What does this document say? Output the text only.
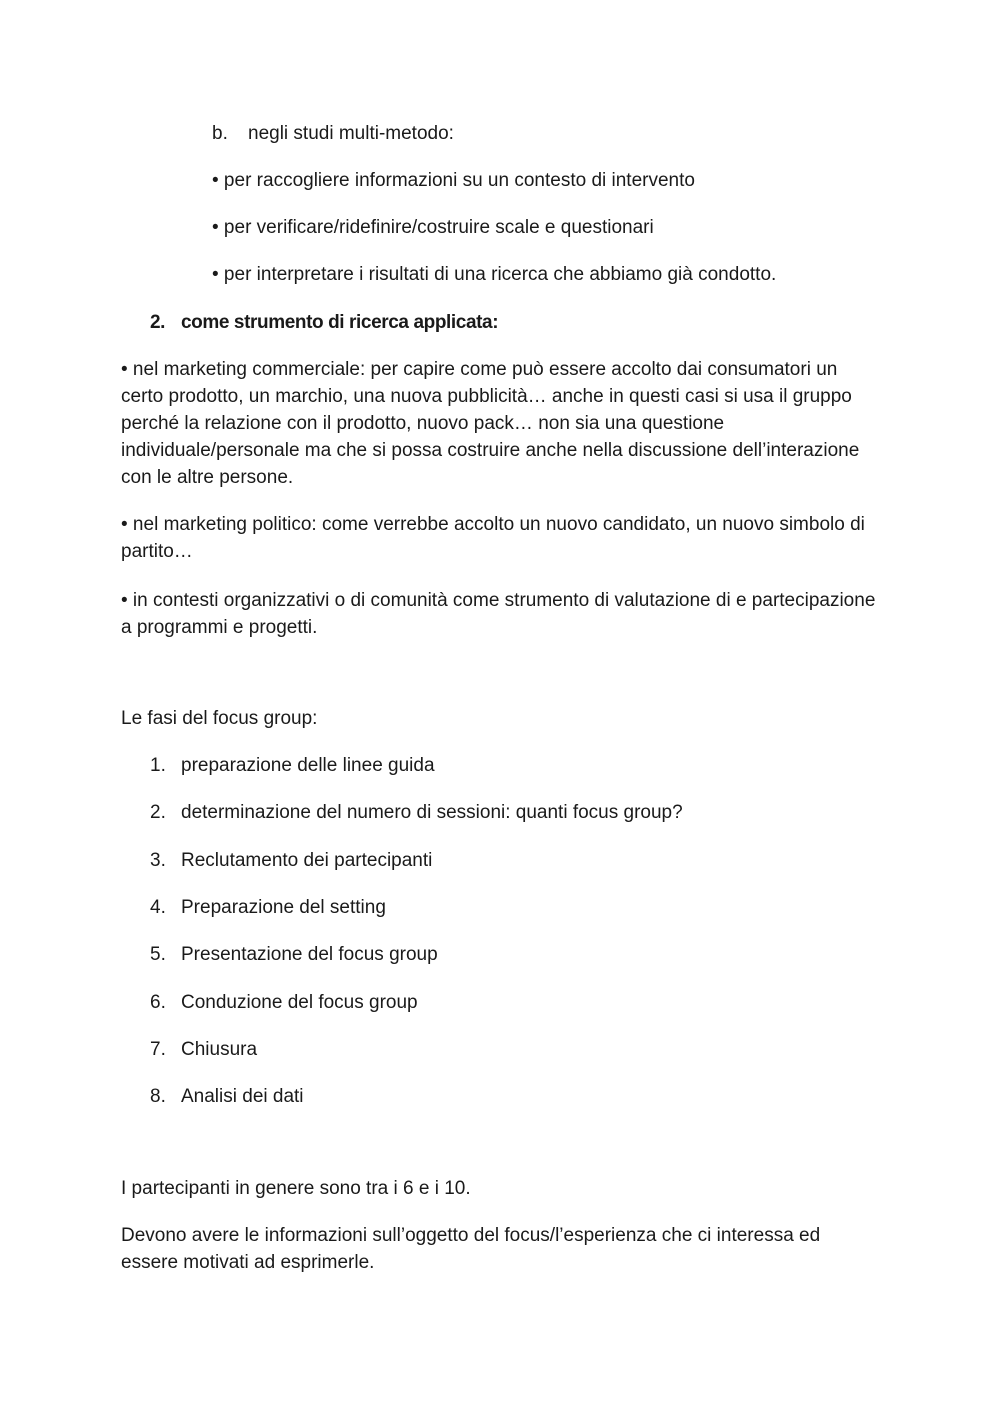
b. negli studi multi-metodo:

• per raccogliere informazioni su un contesto di intervento

• per verificare/ridefinire/costruire scale e questionari

• per interpretare i risultati di una ricerca che abbiamo già condotto.

2. come strumento di ricerca applicata:

• nel marketing commerciale: per capire come può essere accolto dai consumatori un certo prodotto, un marchio, una nuova pubblicità… anche in questi casi si usa il gruppo perché la relazione con il prodotto, nuovo pack… non sia una questione individuale/personale ma che si possa costruire anche nella discussione dell’interazione con le altre persone.

• nel marketing politico: come verrebbe accolto un nuovo candidato, un nuovo simbolo di partito…

• in contesti organizzativi o di comunità come strumento di valutazione di e partecipazione a programmi e progetti.

Le fasi del focus group:

1. preparazione delle linee guida
2. determinazione del numero di sessioni: quanti focus group?
3. Reclutamento dei partecipanti
4. Preparazione del setting
5. Presentazione del focus group
6. Conduzione del focus group
7. Chiusura
8. Analisi dei dati

I partecipanti in genere sono tra i 6 e i 10.

Devono avere le informazioni sull’oggetto del focus/l’esperienza che ci interessa ed essere motivati ad esprimerle.
